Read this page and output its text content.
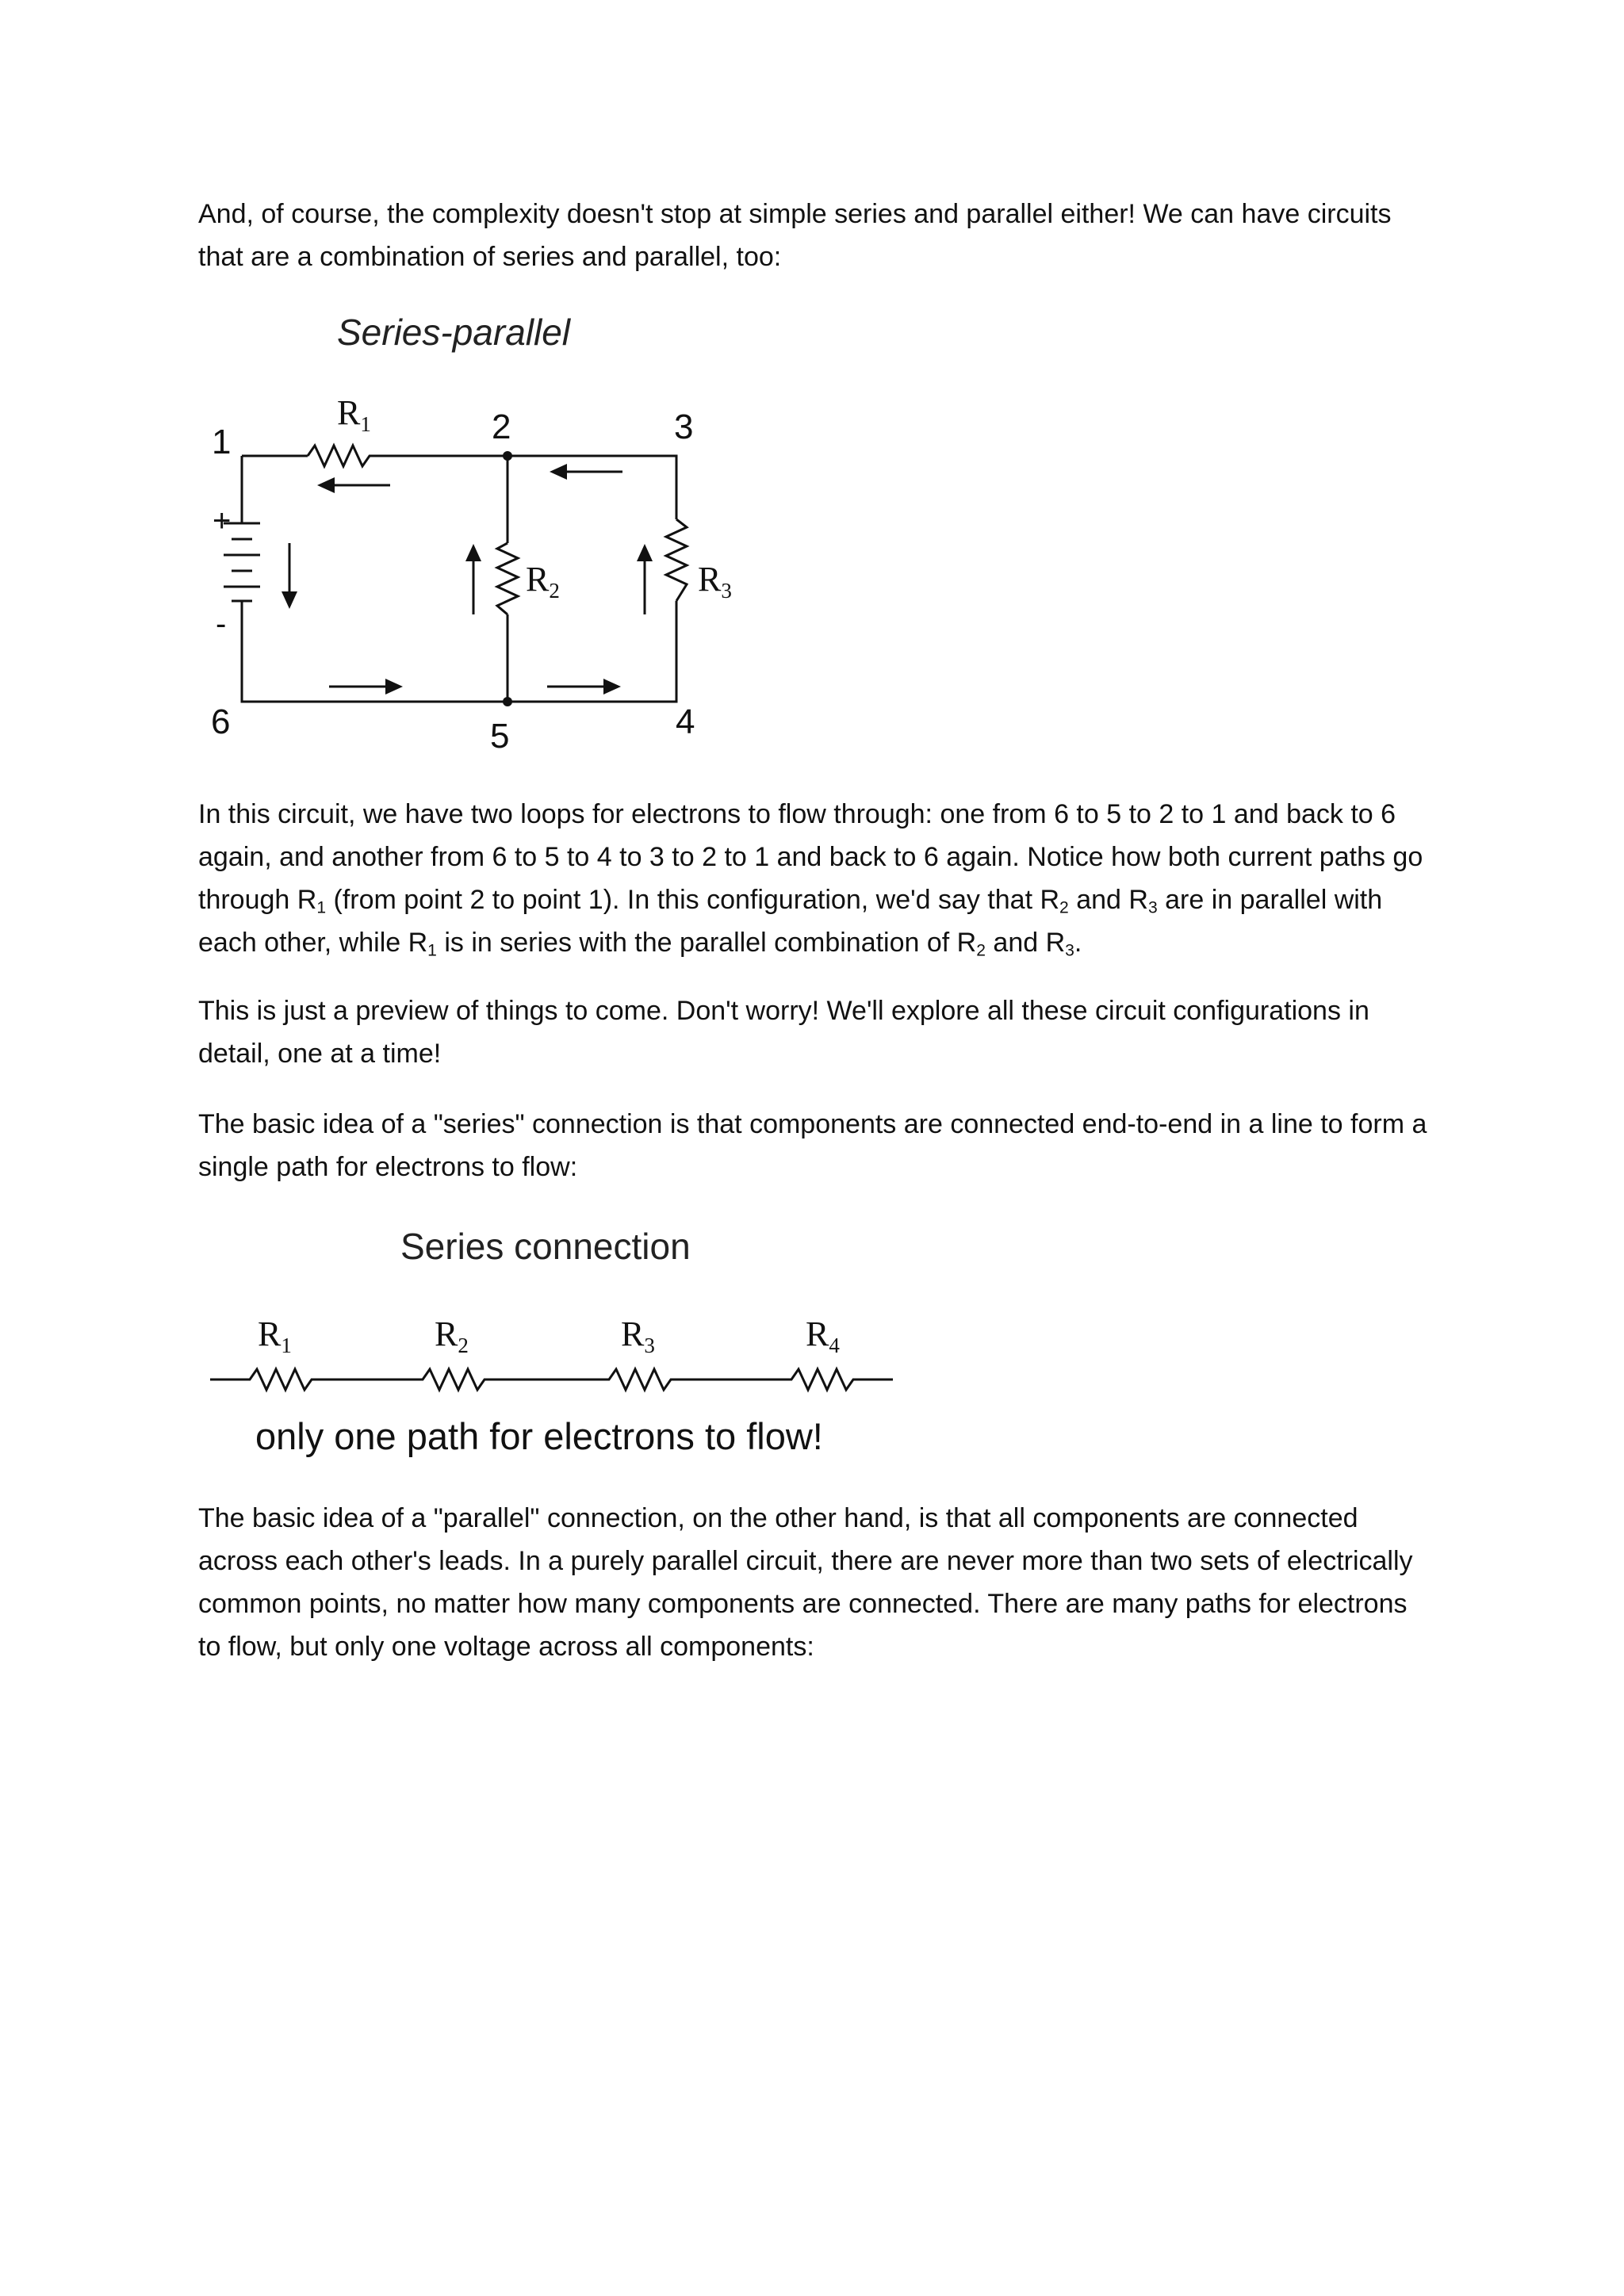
And, of course, the complexity doesn't stop at simple series and parallel either! We can have circuits that are a combination of series and parallel, too:

In this circuit, we have two loops for electrons to flow through: one from 6 to 5 to 2 to 1 and back to 6 again, and another from 6 to 5 to 4 to 3 to 2 to 1 and back to 6 again. Notice how both current paths go through $R_1$ (from point 2 to point 1). In this configuration, we'd say that $R_2$ and $R_3$ are in parallel with each other, while $R_1$ is in series with the parallel combination of $R_2$ and $R_3$.

This is just a preview of things to come. Don't worry! We'll explore all these circuit configurations in detail, one at a time!

The basic idea of a "series" connection is that components are connected end-to-end in a line to form a single path for electrons to flow:

The basic idea of a "parallel" connection, on the other hand, is that all components are connected across each other's leads. In a purely parallel circuit, there are never more than two sets of electrically common points, no matter how many components are connected. There are many paths for electrons to flow, but only one voltage across all components:

Series-parallel
$R_1$
$R_2$	$R_3$
1	2	3
4
5
6
+
-
Series connection
$R_1$	$R_2$	$R_3$	$R_4$
only one path for electrons to flow!
